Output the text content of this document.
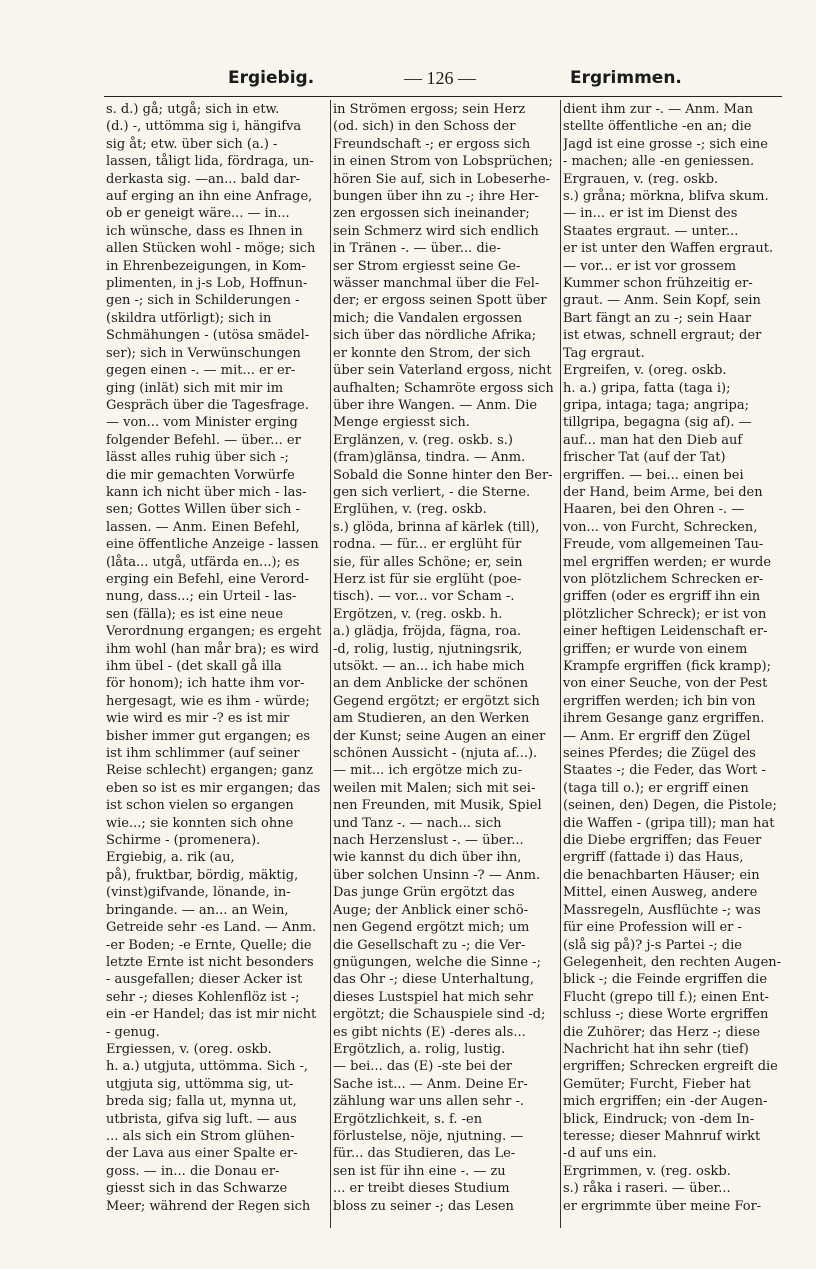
Ergiebig.	— 126 —	Ergrimmen.
s. d.) gå; utgå; sich in etw.
(d.) -, uttömma sig i, hängifva
sig åt; etw. über sich (a.) -
lassen, tåligt lida, fördraga, un-
derkasta sig. —an... bald dar-
auf erging an ihn eine Anfrage,
ob er geneigt wäre... — in...
ich wünsche, dass es Ihnen in
allen Stücken wohl - möge; sich
in Ehrenbezeigungen, in Kom-
plimenten, in j-s Lob, Hoffnun-
gen -; sich in Schilderungen -
(skildra utförligt); sich in
Schmähungen - (utösa smädel-
ser); sich in Verwünschungen
gegen einen -. — mit... er er-
ging (inlät) sich mit mir im
Gespräch über die Tagesfrage.
— von... vom Minister erging
folgender Befehl. — über... er
lässt alles ruhig über sich -;
die mir gemachten Vorwürfe
kann ich nicht über mich - las-
sen; Gottes Willen über sich -
lassen. — Anm. Einen Befehl,
eine öffentliche Anzeige - lassen
(låta... utgå, utfärda en...); es
erging ein Befehl, eine Verord-
nung, dass...; ein Urteil - las-
sen (fälla); es ist eine neue
Verordnung ergangen; es ergeht
ihm wohl (han mår bra); es wird
ihm übel - (det skall gå illa
för honom); ich hatte ihm vor-
hergesagt, wie es ihm - würde;
wie wird es mir -? es ist mir
bisher immer gut ergangen; es
ist ihm schlimmer (auf seiner
Reise schlecht) ergangen; ganz
eben so ist es mir ergangen; das
ist schon vielen so ergangen
wie...; sie konnten sich ohne
Schirme - (promenera).
Ergiebig, a. rik (au,
på), fruktbar, bördig, mäktig,
(vinst)gifvande, lönande, in-
bringande. — an... an Wein,
Getreide sehr -es Land. — Anm.
-er Boden; -e Ernte, Quelle; die
letzte Ernte ist nicht besonders
- ausgefallen; dieser Acker ist
sehr -; dieses Kohlenflöz ist -;
ein -er Handel; das ist mir nicht
- genug.
Ergiessen, v. (oreg. oskb.
h. a.) utgjuta, uttömma. Sich -,
utgjuta sig, uttömma sig, ut-
breda sig; falla ut, mynna ut,
utbrista, gifva sig luft. — aus
... als sich ein Strom glühen-
der Lava aus einer Spalte er-
goss. — in... die Donau er-
giesst sich in das Schwarze
Meer; während der Regen sich
in Strömen ergoss; sein Herz
(od. sich) in den Schoss der
Freundschaft -; er ergoss sich
in einen Strom von Lobsprüchen;
hören Sie auf, sich in Lobeserhe-
bungen über ihn zu -; ihre Her-
zen ergossen sich ineinander;
sein Schmerz wird sich endlich
in Tränen -. — über... die-
ser Strom ergiesst seine Ge-
wässer manchmal über die Fel-
der; er ergoss seinen Spott über
mich; die Vandalen ergossen
sich über das nördliche Afrika;
er konnte den Strom, der sich
über sein Vaterland ergoss, nicht
aufhalten; Schamröte ergoss sich
über ihre Wangen. — Anm. Die
Menge ergiesst sich.
Erglänzen, v. (reg. oskb. s.)
(fram)glänsa, tindra. — Anm.
Sobald die Sonne hinter den Ber-
gen sich verliert, - die Sterne.
Erglühen, v. (reg. oskb.
s.) glöda, brinna af kärlek (till),
rodna. — für... er erglüht für
sie, für alles Schöne; er, sein
Herz ist für sie erglüht (poe-
tisch). — vor... vor Scham -.
Ergötzen, v. (reg. oskb. h.
a.) glädja, fröjda, fägna, roa.
-d, rolig, lustig, njutningsrik,
utsökt. — an... ich habe mich
an dem Anblicke der schönen
Gegend ergötzt; er ergötzt sich
am Studieren, an den Werken
der Kunst; seine Augen an einer
schönen Aussicht - (njuta af...).
— mit... ich ergötze mich zu-
weilen mit Malen; sich mit sei-
nen Freunden, mit Musik, Spiel
und Tanz -. — nach... sich
nach Herzenslust -. — über...
wie kannst du dich über ihn,
über solchen Unsinn -? — Anm.
Das junge Grün ergötzt das
Auge; der Anblick einer schö-
nen Gegend ergötzt mich; um
die Gesellschaft zu -; die Ver-
gnügungen, welche die Sinne -;
das Ohr -; diese Unterhaltung,
dieses Lustspiel hat mich sehr
ergötzt; die Schauspiele sind -d;
es gibt nichts (E) -deres als...
Ergötzlich, a. rolig, lustig.
— bei... das (E) -ste bei der
Sache ist... — Anm. Deine Er-
zählung war uns allen sehr -.
Ergötzlichkeit, s. f. -en
förlustelse, nöje, njutning. —
für... das Studieren, das Le-
sen ist für ihn eine -. — zu
... er treibt dieses Studium
bloss zu seiner -; das Lesen
dient ihm zur -. — Anm. Man
stellte öffentliche -en an; die
Jagd ist eine grosse -; sich eine
- machen; alle -en geniessen.
Ergrauen, v. (reg. oskb.
s.) gråna; mörkna, blifva skum.
— in... er ist im Dienst des
Staates ergraut. — unter...
er ist unter den Waffen ergraut.
— vor... er ist vor grossem
Kummer schon frühzeitig er-
graut. — Anm. Sein Kopf, sein
Bart fängt an zu -; sein Haar
ist etwas, schnell ergraut; der
Tag ergraut.
Ergreifen, v. (oreg. oskb.
h. a.) gripa, fatta (taga i);
gripa, intaga; taga; angripa;
tillgripa, begagna (sig af). —
auf... man hat den Dieb auf
frischer Tat (auf der Tat)
ergriffen. — bei... einen bei
der Hand, beim Arme, bei den
Haaren, bei den Ohren -. —
von... von Furcht, Schrecken,
Freude, vom allgemeinen Tau-
mel ergriffen werden; er wurde
von plötzlichem Schrecken er-
griffen (oder es ergriff ihn ein
plötzlicher Schreck); er ist von
einer heftigen Leidenschaft er-
griffen; er wurde von einem
Krampfe ergriffen (fick kramp);
von einer Seuche, von der Pest
ergriffen werden; ich bin von
ihrem Gesange ganz ergriffen.
— Anm. Er ergriff den Zügel
seines Pferdes; die Zügel des
Staates -; die Feder, das Wort -
(taga till o.); er ergriff einen
(seinen, den) Degen, die Pistole;
die Waffen - (gripa till); man hat
die Diebe ergriffen; das Feuer
ergriff (fattade i) das Haus,
die benachbarten Häuser; ein
Mittel, einen Ausweg, andere
Massregeln, Ausflüchte -; was
für eine Profession will er -
(slå sig på)? j-s Partei -; die
Gelegenheit, den rechten Augen-
blick -; die Feinde ergriffen die
Flucht (grepo till f.); einen Ent-
schluss -; diese Worte ergriffen
die Zuhörer; das Herz -; diese
Nachricht hat ihn sehr (tief)
ergriffen; Schrecken ergreift die
Gemüter; Furcht, Fieber hat
mich ergriffen; ein -der Augen-
blick, Eindruck; von -dem In-
teresse; dieser Mahnruf wirkt
-d auf uns ein.
Ergrimmen, v. (reg. oskb.
s.) råka i raseri. — über...
er ergrimmte über meine For-
